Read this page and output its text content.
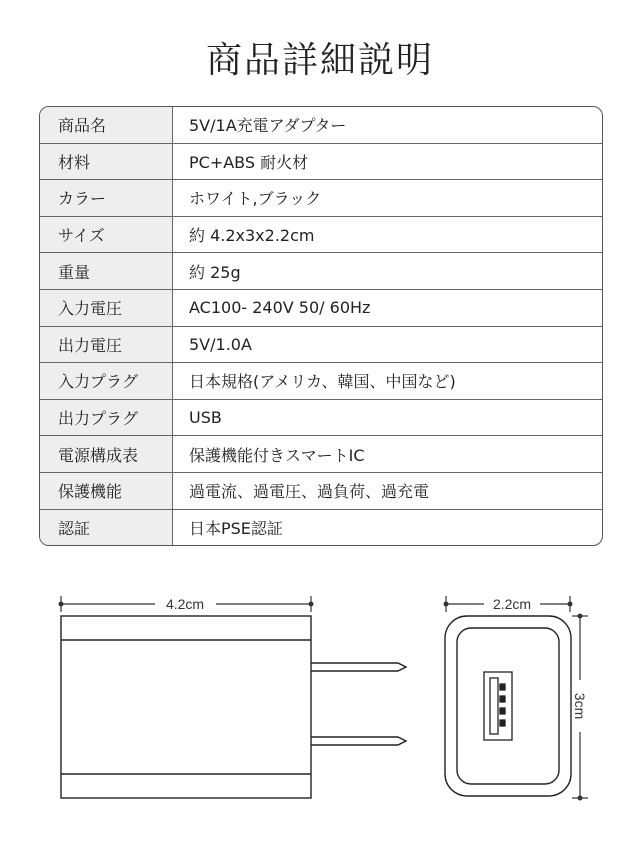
商品詳細説明
商品名	5V/1A充電アダプター
材料	PC+ABS 耐火材
カラー	ホワイト,ブラック
サイズ	約 4.2x3x2.2cm
重量	約 25g
入力電圧	AC100- 240V 50/ 60Hz
出力電圧	5V/1.0A
入力プラグ	日本規格(アメリカ、韓国、中国など)
出力プラグ	USB
電源構成表	保護機能付きスマートIC
保護機能	過電流、過電圧、過負荷、過充電
認証	日本PSE認証
4.2cm	2.2cm
3cm
